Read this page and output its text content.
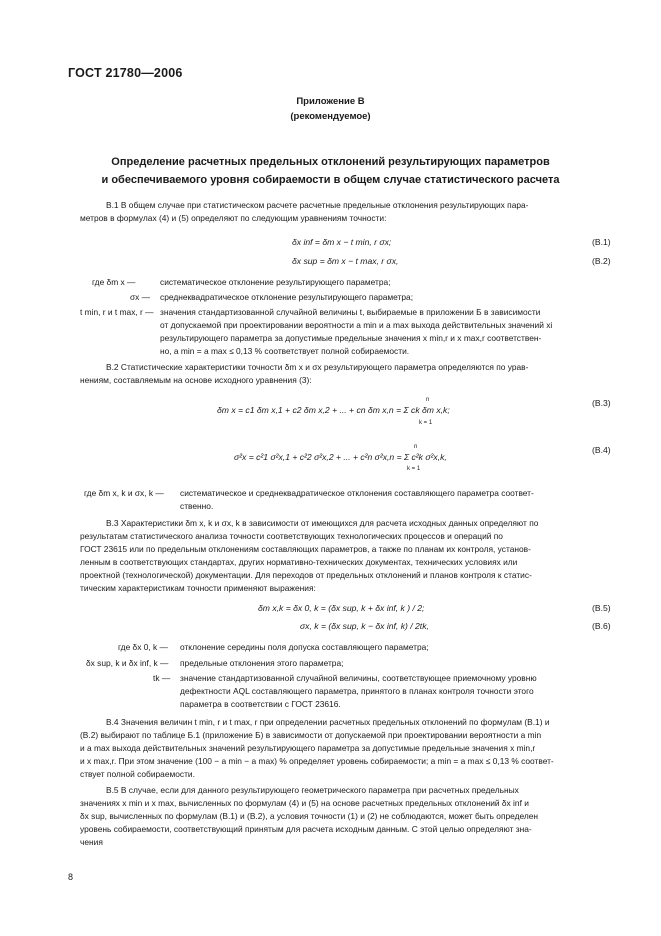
ГОСТ 21780—2006
Приложение В
(рекомендуемое)
Определение расчетных предельных отклонений результирующих параметров
и обеспечиваемого уровня собираемости в общем случае статистического расчета
В.1 В общем случае при статистическом расчете расчетные предельные отклонения результирующих пара-
метров в формулах (4) и (5) определяют по следующим уравнениям точности:
δx inf = δm x − t min, r σx;	(В.1)
δx sup = δm x − t max, r σx,	(В.2)
где δm x —	систематическое отклонение результирующего параметра;
σx — среднеквадратическое отклонение результирующего параметра;
t min, r и t max, r — значения стандартизованной случайной величины t, выбираемые в приложении Б в зависимости
от допускаемой при проектировании вероятности a min и a max выхода действительных значений xi
результирующего параметра за допустимые предельные значения x min,r и x max,r соответствен-
но, a min = a max ≤ 0,13 % соответствует полной собираемости.
В.2 Статистические характеристики точности δm x и σx результирующего параметра определяются по урав-
нениям, составляемым на основе исходного уравнения (3):
n
δm x = c1 δm x,1 + c2 δm x,2 + ... + cn δm x,n = Σ ck δm x,k;
k = 1
(В.3)
n
σ²x = c²1 σ²x,1 + c²2 σ²x,2 + ... + c²n σ²x,n = Σ c²k σ²x,k,
k = 1
(В.4)
где δm x, k и σx, k — систематическое и среднеквадратическое отклонения составляющего параметра соответ-
ственно.
В.3 Характеристики δm x, k и σx, k в зависимости от имеющихся для расчета исходных данных определяют по
результатам статистического анализа точности соответствующих технологических процессов и операций по
ГОСТ 23615 или по предельным отклонениям составляющих параметров, а также по планам их контроля, установ-
ленным в соответствующих стандартах, других нормативно-технических документах, технических условиях или
проектной (технологической) документации. Для переходов от предельных отклонений и планов контроля к статис-
тическим характеристикам точности применяют выражения:
δm x,k = δx 0, k = (δx sup, k + δx inf, k ) / 2;	(В.5)
σx, k = (δx sup, k − δx inf, k) / 2tk,	(В.6)
где δx 0, k — отклонение середины поля допуска составляющего параметра;
δx sup, k и δx inf, k — предельные отклонения этого параметра;
tk — значение стандартизованной случайной величины, соответствующее приемочному уровню
дефектности AQL составляющего параметра, принятого в планах контроля точности этого
параметра в соответствии с ГОСТ 23616.
В.4 Значения величин t min, r и t max, r при определении расчетных предельных отклонений по формулам (В.1) и
(В.2) выбирают по таблице Б.1 (приложение Б) в зависимости от допускаемой при проектировании вероятности a min
и a max выхода действительных значений результирующего параметра за допустимые предельные значения x min,r
и x max,r. При этом значение (100 − a min − a max) % определяет уровень собираемости; a min = a max ≤ 0,13 % соответ-
ствует полной собираемости.
В.5 В случае, если для данного результирующего геометрического параметра при расчетных предельных
значениях x min и x max, вычисленных по формулам (4) и (5) на основе расчетных предельных отклонений δx inf и
δx sup, вычисленных по формулам (В.1) и (В.2), а условия точности (1) и (2) не соблюдаются, может быть определен
уровень собираемости, соответствующий принятым для расчета исходным данным. С этой целью определяют зна-
чения
8
